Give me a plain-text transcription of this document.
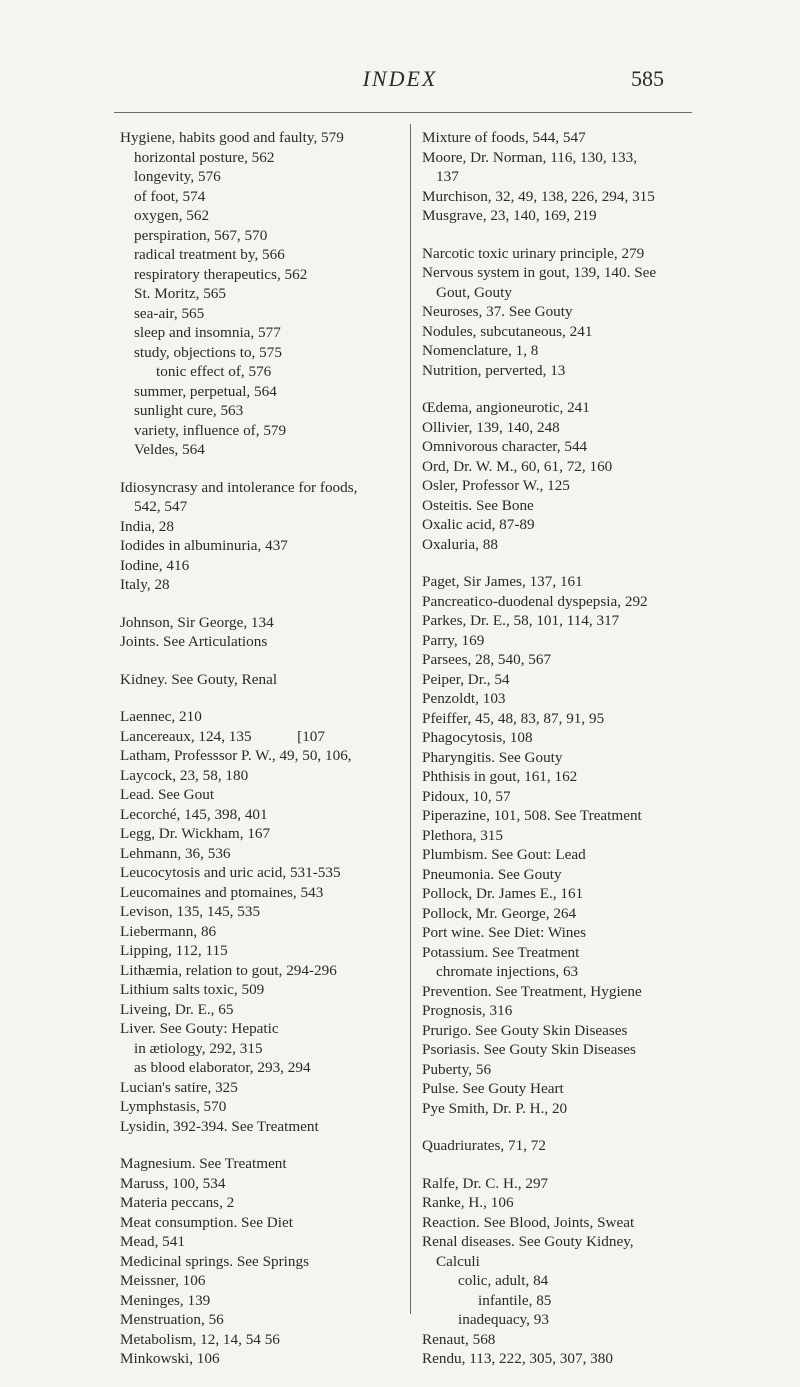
INDEX	585
Hygiene, habits good and faulty, 579
horizontal posture, 562
longevity, 576
of foot, 574
oxygen, 562
perspiration, 567, 570
radical treatment by, 566
respiratory therapeutics, 562
St. Moritz, 565
sea-air, 565
sleep and insomnia, 577
study, objections to, 575
tonic effect of, 576
summer, perpetual, 564
sunlight cure, 563
variety, influence of, 579
Veldes, 564
Idiosyncrasy and intolerance for foods,
542, 547
India, 28
Iodides in albuminuria, 437
Iodine, 416
Italy, 28
Johnson, Sir George, 134
Joints. See Articulations
Kidney. See Gouty, Renal
Laennec, 210
Lancereaux, 124, 135            [107
Latham, Professsor P. W., 49, 50, 106,
Laycock, 23, 58, 180
Lead. See Gout
Lecorché, 145, 398, 401
Legg, Dr. Wickham, 167
Lehmann, 36, 536
Leucocytosis and uric acid, 531-535
Leucomaines and ptomaines, 543
Levison, 135, 145, 535
Liebermann, 86
Lipping, 112, 115
Lithæmia, relation to gout, 294-296
Lithium salts toxic, 509
Liveing, Dr. E., 65
Liver. See Gouty: Hepatic
in ætiology, 292, 315
as blood elaborator, 293, 294
Lucian's satire, 325
Lymphstasis, 570
Lysidin, 392-394. See Treatment
Magnesium. See Treatment
Maruss, 100, 534
Materia peccans, 2
Meat consumption. See Diet
Mead, 541
Medicinal springs. See Springs
Meissner, 106
Meninges, 139
Menstruation, 56
Metabolism, 12, 14, 54 56
Minkowski, 106
Mixture of foods, 544, 547
Moore, Dr. Norman, 116, 130, 133,
137
Murchison, 32, 49, 138, 226, 294, 315
Musgrave, 23, 140, 169, 219
Narcotic toxic urinary principle, 279
Nervous system in gout, 139, 140. See
Gout, Gouty
Neuroses, 37. See Gouty
Nodules, subcutaneous, 241
Nomenclature, 1, 8
Nutrition, perverted, 13
Œdema, angioneurotic, 241
Ollivier, 139, 140, 248
Omnivorous character, 544
Ord, Dr. W. M., 60, 61, 72, 160
Osler, Professor W., 125
Osteitis. See Bone
Oxalic acid, 87-89
Oxaluria, 88
Paget, Sir James, 137, 161
Pancreatico-duodenal dyspepsia, 292
Parkes, Dr. E., 58, 101, 114, 317
Parry, 169
Parsees, 28, 540, 567
Peiper, Dr., 54
Penzoldt, 103
Pfeiffer, 45, 48, 83, 87, 91, 95
Phagocytosis, 108
Pharyngitis. See Gouty
Phthisis in gout, 161, 162
Pidoux, 10, 57
Piperazine, 101, 508. See Treatment
Plethora, 315
Plumbism. See Gout: Lead
Pneumonia. See Gouty
Pollock, Dr. James E., 161
Pollock, Mr. George, 264
Port wine. See Diet: Wines
Potassium. See Treatment
chromate injections, 63
Prevention. See Treatment, Hygiene
Prognosis, 316
Prurigo. See Gouty Skin Diseases
Psoriasis. See Gouty Skin Diseases
Puberty, 56
Pulse. See Gouty Heart
Pye Smith, Dr. P. H., 20
Quadriurates, 71, 72
Ralfe, Dr. C. H., 297
Ranke, H., 106
Reaction. See Blood, Joints, Sweat
Renal diseases. See Gouty Kidney,
Calculi
colic, adult, 84
infantile, 85
inadequacy, 93
Renaut, 568
Rendu, 113, 222, 305, 307, 380
